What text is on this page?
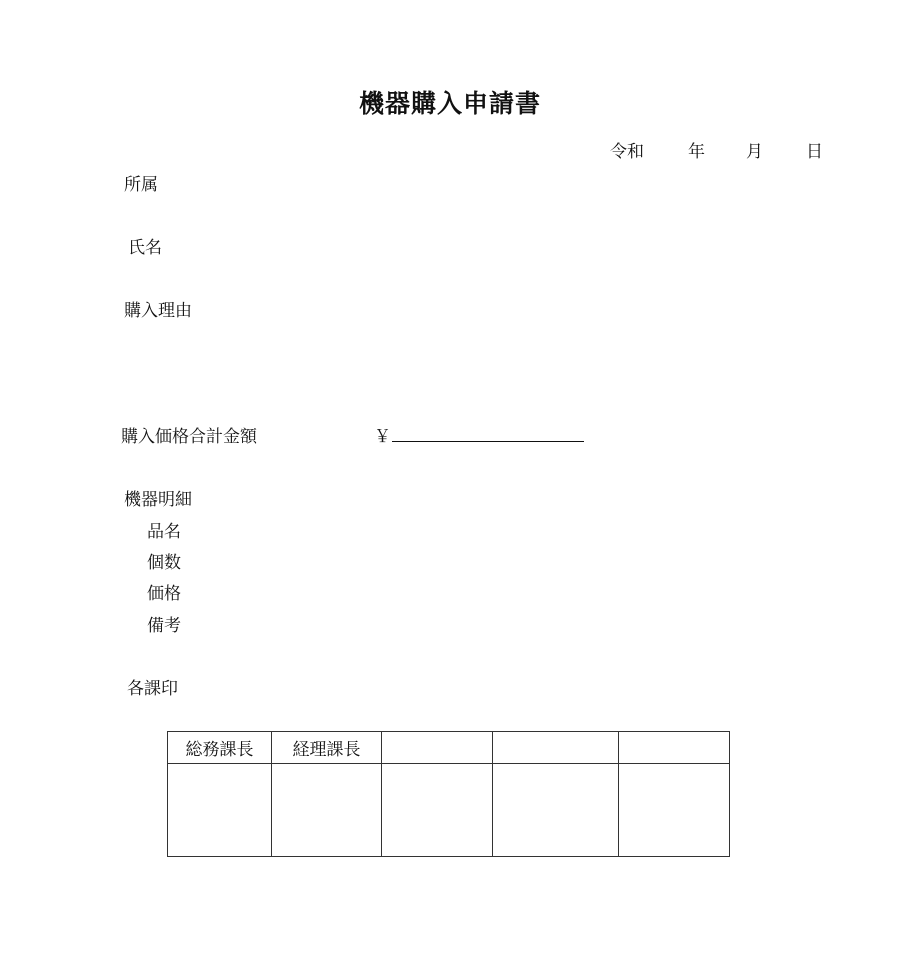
機器購入申請書
令和	年 月	日
所属
氏名
購入理由
購入価格合計金額	￥
機器明細
品名
個数
価格
備考
各課印
総務課長	経理課長			
